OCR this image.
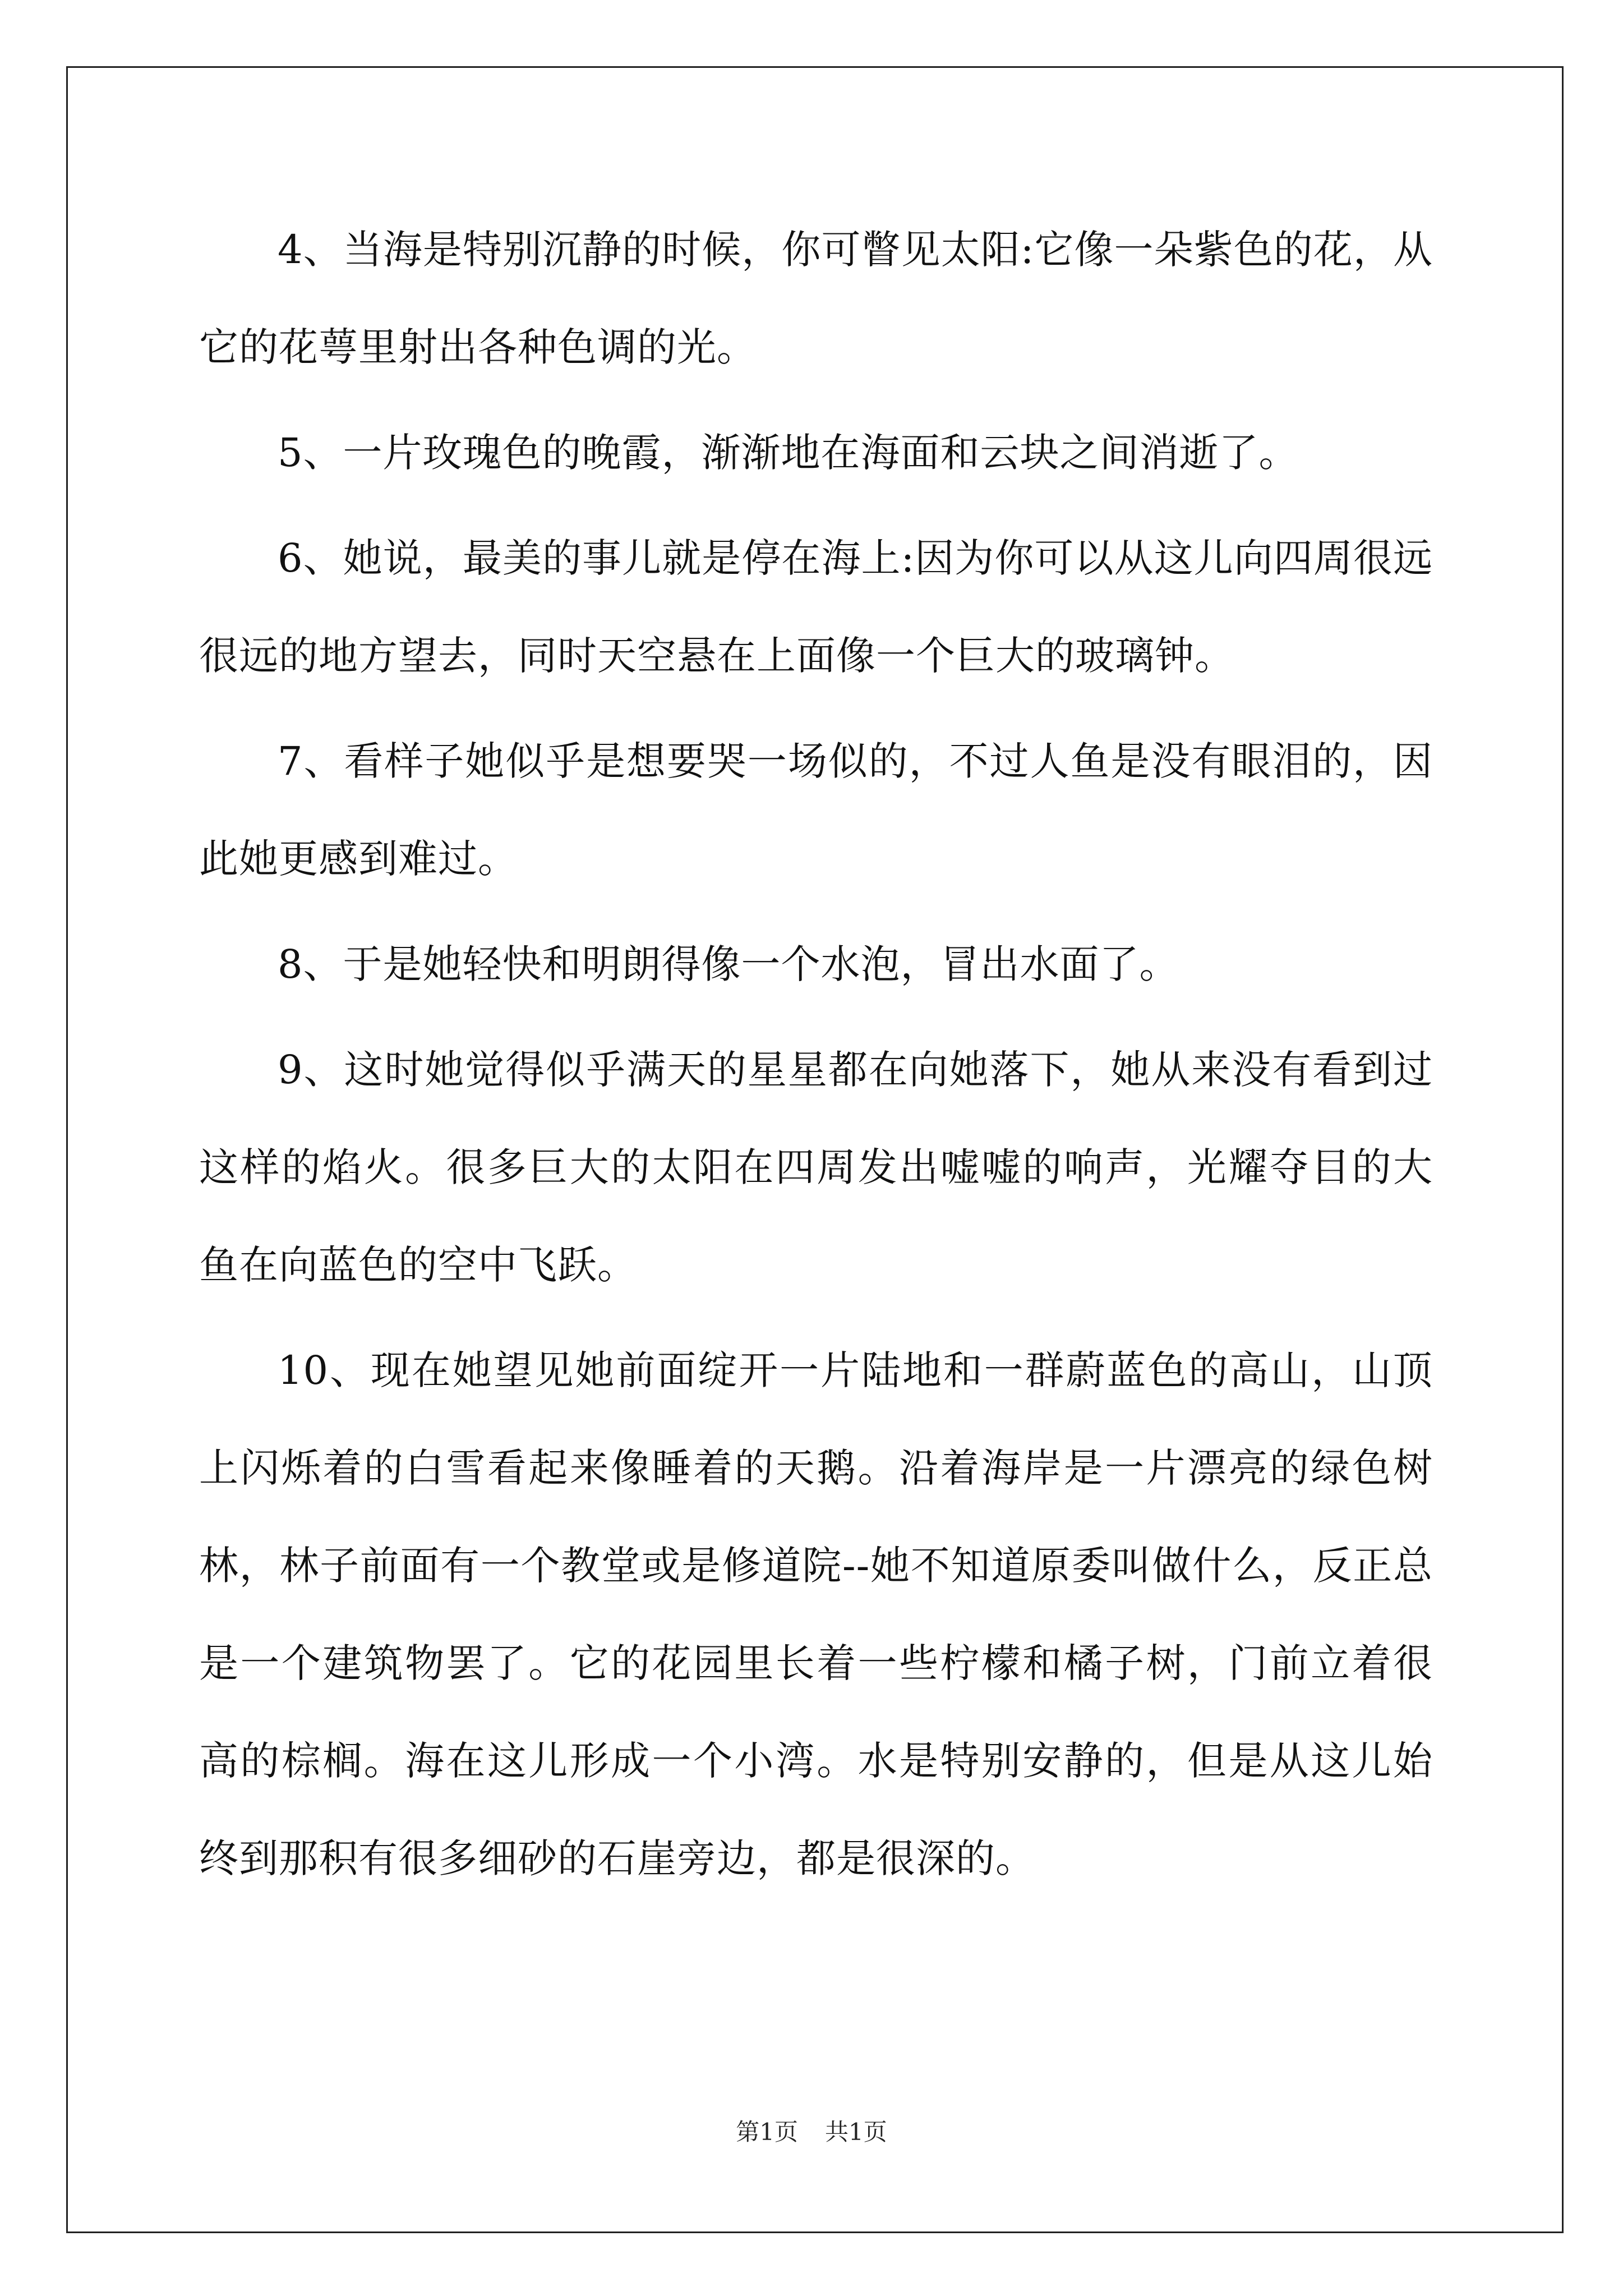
4、当海是特别沉静的时候，你可瞥见太阳:它像一朵紫色的花，从它的花萼里射出各种色调的光。

5、一片玫瑰色的晚霞，渐渐地在海面和云块之间消逝了。

6、她说，最美的事儿就是停在海上:因为你可以从这儿向四周很远很远的地方望去，同时天空悬在上面像一个巨大的玻璃钟。

7、看样子她似乎是想要哭一场似的，不过人鱼是没有眼泪的，因此她更感到难过。

8、于是她轻快和明朗得像一个水泡，冒出水面了。

9、这时她觉得似乎满天的星星都在向她落下，她从来没有看到过这样的焰火。很多巨大的太阳在四周发出嘘嘘的响声，光耀夺目的大鱼在向蓝色的空中飞跃。

10、现在她望见她前面绽开一片陆地和一群蔚蓝色的高山，山顶上闪烁着的白雪看起来像睡着的天鹅。沿着海岸是一片漂亮的绿色树林，林子前面有一个教堂或是修道院--她不知道原委叫做什么，反正总是一个建筑物罢了。它的花园里长着一些柠檬和橘子树，门前立着很高的棕榈。海在这儿形成一个小湾。水是特别安静的，但是从这儿始终到那积有很多细砂的石崖旁边，都是很深的。

第1页 共1页
